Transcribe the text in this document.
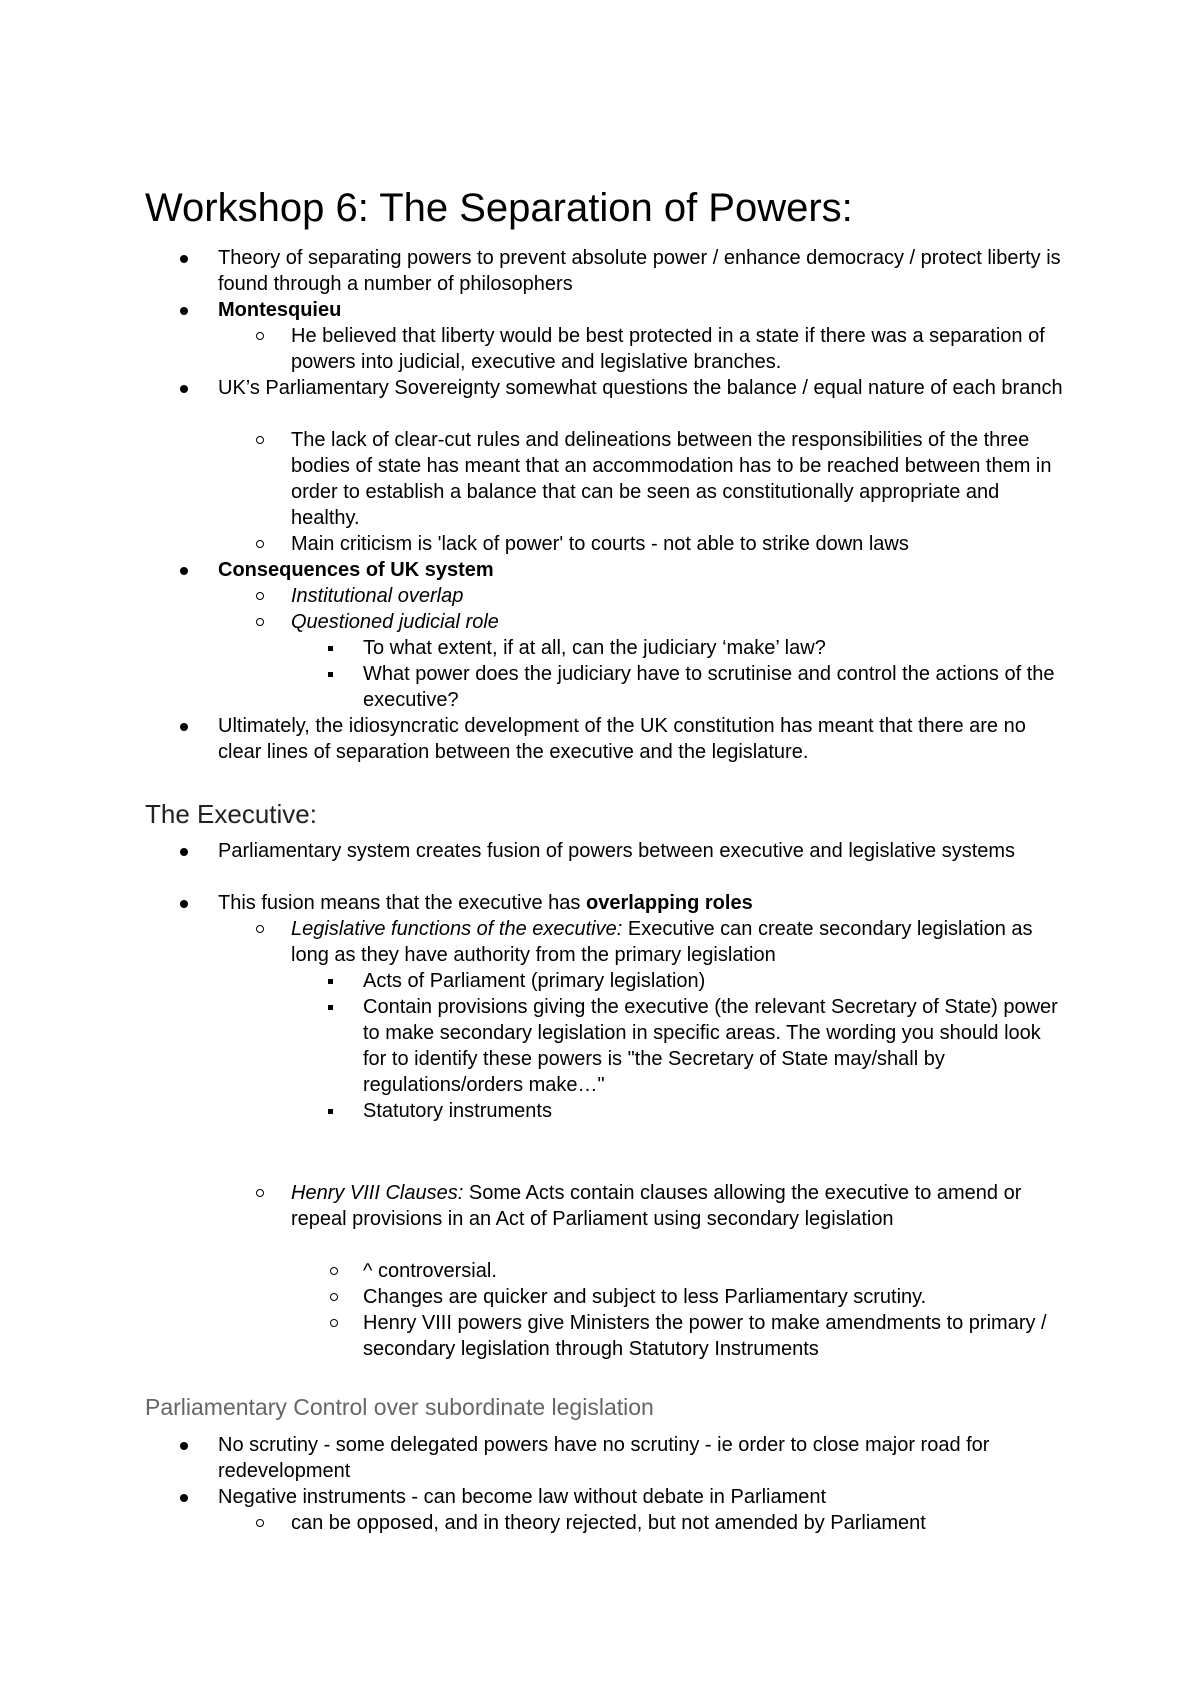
Workshop 6: The Separation of Powers:
Theory of separating powers to prevent absolute power / enhance democracy / protect liberty is found through a number of philosophers
Montesquieu
He believed that liberty would be best protected in a state if there was a separation of powers into judicial, executive and legislative branches.
UK’s Parliamentary Sovereignty somewhat questions the balance / equal nature of each branch
The lack of clear-cut rules and delineations between the responsibilities of the three bodies of state has meant that an accommodation has to be reached between them in order to establish a balance that can be seen as constitutionally appropriate and healthy.
Main criticism is 'lack of power' to courts - not able to strike down laws
Consequences of UK system
Institutional overlap
Questioned judicial role
To what extent, if at all, can the judiciary ‘make’ law?
What power does the judiciary have to scrutinise and control the actions of the executive?
Ultimately, the idiosyncratic development of the UK constitution has meant that there are no clear lines of separation between the executive and the legislature.
The Executive:
Parliamentary system creates fusion of powers between executive and legislative systems
This fusion means that the executive has overlapping roles
Legislative functions of the executive: Executive can create secondary legislation as long as they have authority from the primary legislation
Acts of Parliament (primary legislation)
Contain provisions giving the executive (the relevant Secretary of State) power to make secondary legislation in specific areas. The wording you should look for to identify these powers is "the Secretary of State may/shall by regulations/orders make…"
Statutory instruments
Henry VIII Clauses: Some Acts contain clauses allowing the executive to amend or repeal provisions in an Act of Parliament using secondary legislation
^ controversial.
Changes are quicker and subject to less Parliamentary scrutiny.
Henry VIII powers give Ministers the power to make amendments to primary / secondary legislation through Statutory Instruments
Parliamentary Control over subordinate legislation
No scrutiny - some delegated powers have no scrutiny - ie order to close major road for redevelopment
Negative instruments - can become law without debate in Parliament
can be opposed, and in theory rejected, but not amended by Parliament
